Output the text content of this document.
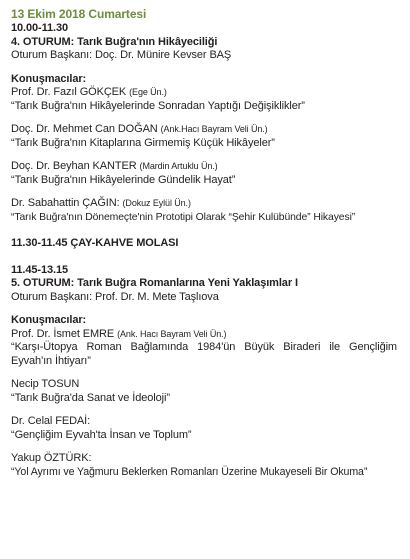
13 Ekim 2018 Cumartesi
10.00-11.30
4. OTURUM: Tarık Buğra'nın Hikâyeciliği
Oturum Başkanı: Doç. Dr. Münire Kevser BAŞ
Konuşmacılar:
Prof. Dr. Fazıl GÖKÇEK (Ege Ün.)
“Tarık Buğra'nın Hikâyelerinde Sonradan Yaptığı Değişiklikler”
Doç. Dr. Mehmet Can DOĞAN (Ank.Hacı Bayram Veli Ün.)
“Tarık Buğra'nın Kitaplarına Girmemiş Küçük Hikâyeler”
Doç. Dr. Beyhan KANTER (Mardin Artuklu Ün.)
“Tarık Buğra'nın Hikâyelerinde Gündelik Hayat”
Dr. Sabahattin ÇAĞIN: (Dokuz Eylül Ün.)
“Tarık Buğra'nın Dönemeçte'nin Prototipi Olarak “Şehir Kulübünde” Hikayesi”
11.30-11.45 ÇAY-KAHVE MOLASI
11.45-13.15
5. OTURUM: Tarık Buğra Romanlarına Yeni Yaklaşımlar I
Oturum Başkanı: Prof. Dr. M. Mete Taşlıova
Konuşmacılar:
Prof. Dr. İsmet EMRE (Ank. Hacı Bayram Veli Ün.)
“Karşı-Ütopya Roman Bağlamında 1984'ün Büyük Biraderi ile Gençliğim Eyvah'ın İhtiyarı”
Necip TOSUN
“Tarık Buğra'da Sanat ve İdeoloji”
Dr. Celal FEDAİ:
“Gençliğim Eyvah'ta İnsan ve Toplum”
Yakup ÖZTÜRK:
“Yol Ayrımı ve Yağmuru Beklerken Romanları Üzerine Mukayeseli Bir Okuma”
